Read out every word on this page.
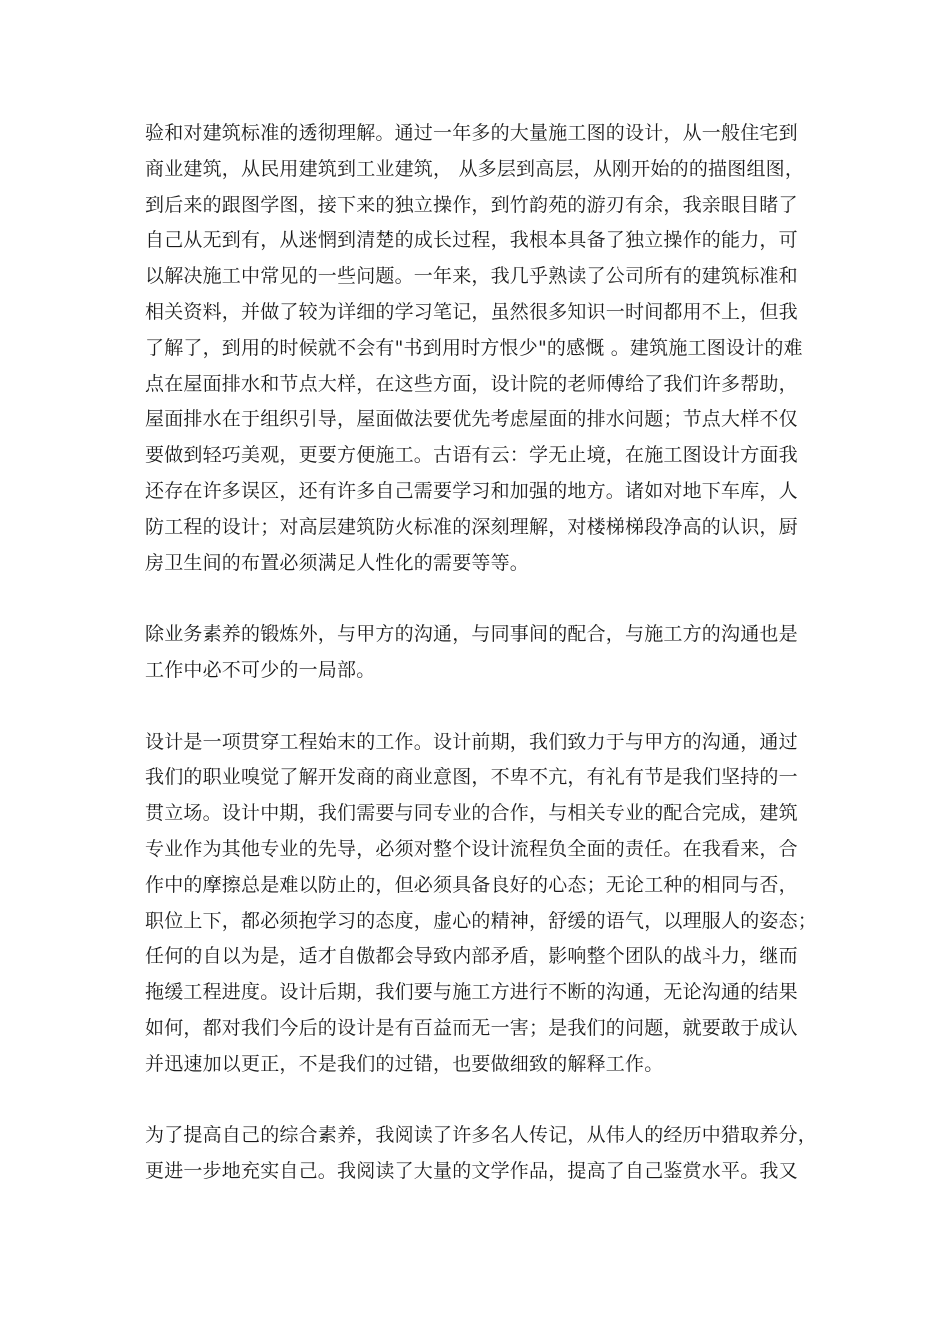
验和对建筑标准的透彻理解。通过一年多的大量施工图的设计，从一般住宅到
商业建筑，从民用建筑到工业建筑， 从多层到高层，从刚开始的的描图组图，
到后来的跟图学图，接下来的独立操作，到竹韵苑的游刃有余，我亲眼目睹了
自己从无到有，从迷惘到清楚的成长过程，我根本具备了独立操作的能力，可
以解决施工中常见的一些问题。一年来，我几乎熟读了公司所有的建筑标准和
相关资料，并做了较为详细的学习笔记，虽然很多知识一时间都用不上，但我
了解了，到用的时候就不会有"书到用时方恨少"的感慨 。建筑施工图设计的难
点在屋面排水和节点大样，在这些方面，设计院的老师傅给了我们许多帮助，
屋面排水在于组织引导，屋面做法要优先考虑屋面的排水问题；节点大样不仅
要做到轻巧美观，更要方便施工。古语有云：学无止境，在施工图设计方面我
还存在许多误区，还有许多自己需要学习和加强的地方。诸如对地下车库，人
防工程的设计；对高层建筑防火标准的深刻理解，对楼梯梯段净高的认识，厨
房卫生间的布置必须满足人性化的需要等等。
除业务素养的锻炼外，与甲方的沟通，与同事间的配合，与施工方的沟通也是
工作中必不可少的一局部。
设计是一项贯穿工程始末的工作。设计前期，我们致力于与甲方的沟通，通过
我们的职业嗅觉了解开发商的商业意图，不卑不亢，有礼有节是我们坚持的一
贯立场。设计中期，我们需要与同专业的合作，与相关专业的配合完成，建筑
专业作为其他专业的先导，必须对整个设计流程负全面的责任。在我看来，合
作中的摩擦总是难以防止的，但必须具备良好的心态；无论工种的相同与否，
职位上下，都必须抱学习的态度，虚心的精神，舒缓的语气，以理服人的姿态；
任何的自以为是，适才自傲都会导致内部矛盾，影响整个团队的战斗力，继而
拖缓工程进度。设计后期，我们要与施工方进行不断的沟通，无论沟通的结果
如何，都对我们今后的设计是有百益而无一害；是我们的问题，就要敢于成认
并迅速加以更正，不是我们的过错，也要做细致的解释工作。
为了提高自己的综合素养，我阅读了许多名人传记，从伟人的经历中猎取养分，
更进一步地充实自己。我阅读了大量的文学作品，提高了自己鉴赏水平。我又
